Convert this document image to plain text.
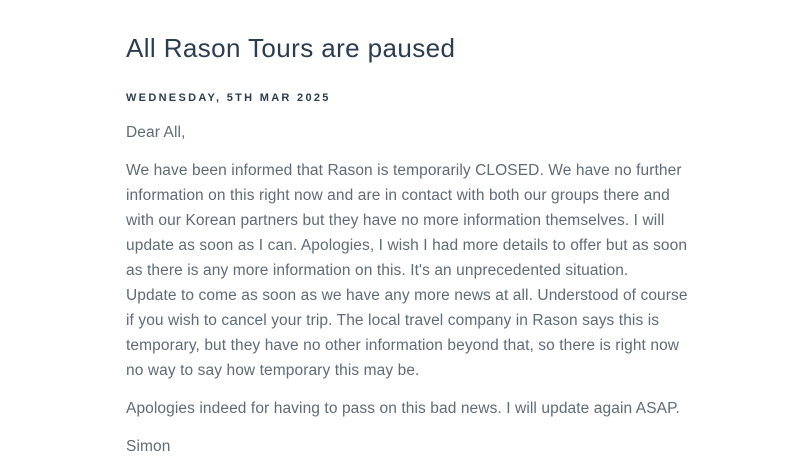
All Rason Tours are paused
WEDNESDAY, 5TH MAR 2025

Dear All,

We have been informed that Rason is temporarily CLOSED. We have no further information on this right now and are in contact with both our groups there and with our Korean partners but they have no more information themselves. I will update as soon as I can. Apologies, I wish I had more details to offer but as soon as there is any more information on this. It's an unprecedented situation.
Update to come as soon as we have any more news at all. Understood of course if you wish to cancel your trip. The local travel company in Rason says this is temporary, but they have no other information beyond that, so there is right now no way to say how temporary this may be.

Apologies indeed for having to pass on this bad news. I will update again ASAP.

Simon
